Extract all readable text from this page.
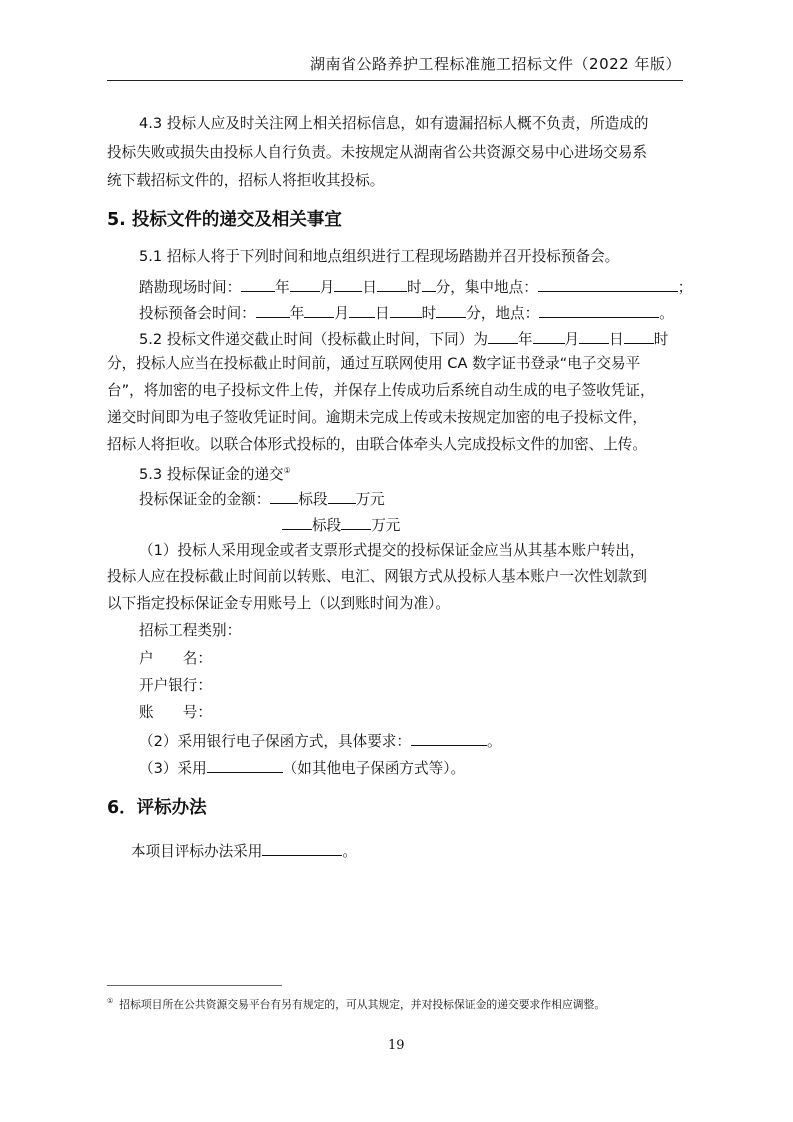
湖南省公路养护工程标准施工招标文件（2022 年版）
4.3 投标人应及时关注网上相关招标信息，如有遗漏招标人概不负责，所造成的
投标失败或损失由投标人自行负责。未按规定从湖南省公共资源交易中心进场交易系
统下载招标文件的，招标人将拒收其投标。
5. 投标文件的递交及相关事宜
5.1 招标人将于下列时间和地点组织进行工程现场踏勘并召开投标预备会。
踏勘现场时间： 年 月 日 时 分，集中地点：	；
投标预备会时间： 年 月 日 时 分，地点：	。
5.2 投标文件递交截止时间（投标截止时间，下同）为 年 月 日 时
分，投标人应当在投标截止时间前，通过互联网使用 CA 数字证书登录“电子交易平
台”，将加密的电子投标文件上传，并保存上传成功后系统自动生成的电子签收凭证，
递交时间即为电子签收凭证时间。逾期未完成上传或未按规定加密的电子投标文件，
招标人将拒收。以联合体形式投标的，由联合体牵头人完成投标文件的加密、上传。
5.3 投标保证金的递交①
投标保证金的金额： 标段 万元
标段 万元
（1）投标人采用现金或者支票形式提交的投标保证金应当从其基本账户转出，
投标人应在投标截止时间前以转账、电汇、网银方式从投标人基本账户一次性划款到
以下指定投标保证金专用账号上（以到账时间为准）。
招标工程类别：
户　　名：
开户银行：
账　　号：
（2）采用银行电子保函方式，具体要求：	。
（3）采用	（如其他电子保函方式等）。
6．评标办法
本项目评标办法采用	。
① 招标项目所在公共资源交易平台有另有规定的，可从其规定，并对投标保证金的递交要求作相应调整。
19
